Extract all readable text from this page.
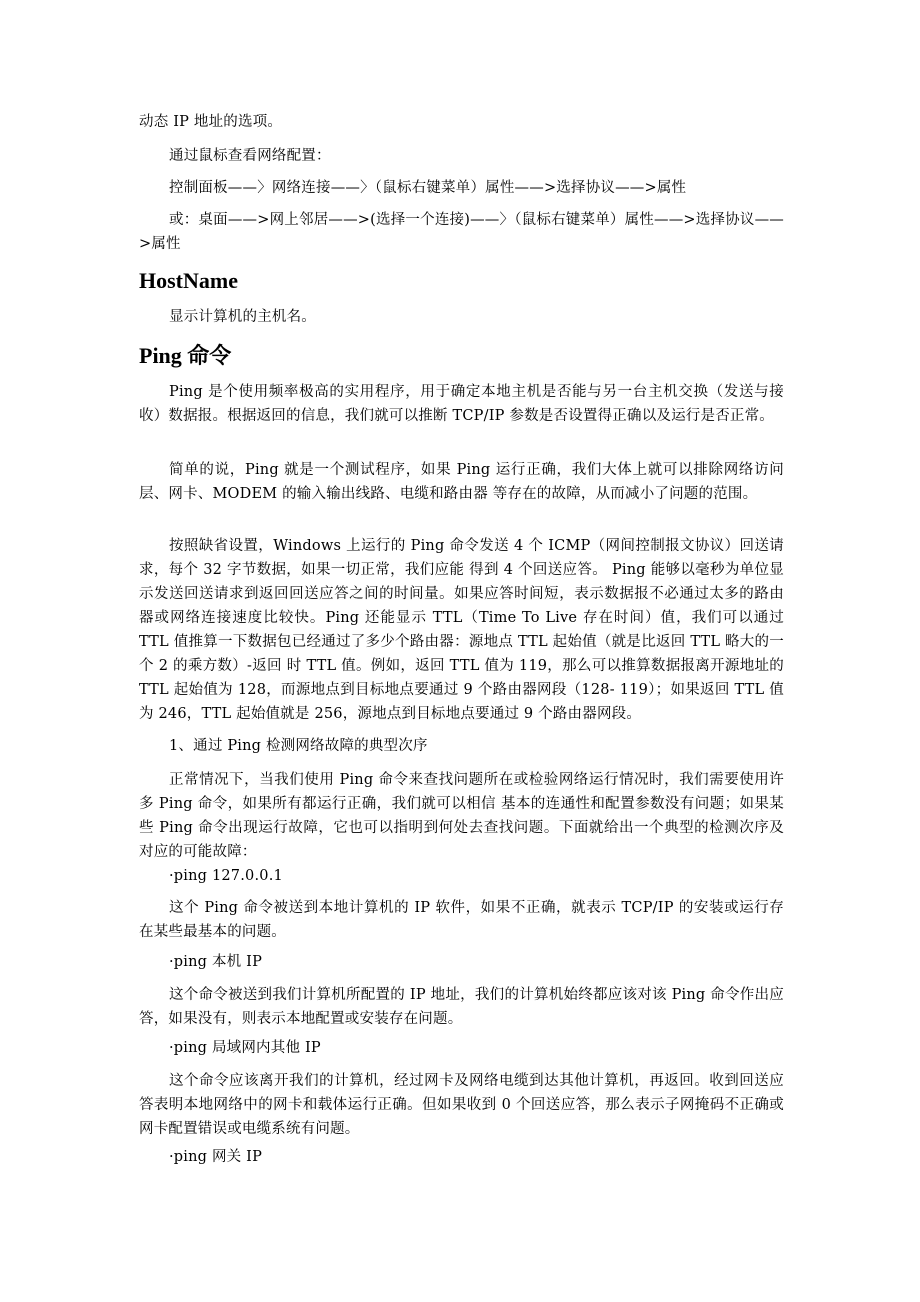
动态 IP 地址的选项。

通过鼠标查看网络配置：

控制面板——〉网络连接——〉（鼠标右键菜单）属性——>选择协议——>属性

或：桌面——>网上邻居——>(选择一个连接)——〉（鼠标右键菜单）属性——>选择协议——>属性

HostName

显示计算机的主机名。

Ping 命令

Ping 是个使用频率极高的实用程序，用于确定本地主机是否能与另一台主机交换（发送与接收）数据报。根据返回的信息，我们就可以推断 TCP/IP 参数是否设置得正确以及运行是否正常。

简单的说，Ping 就是一个测试程序，如果 Ping 运行正确，我们大体上就可以排除网络访问层、网卡、MODEM 的输入输出线路、电缆和路由器 等存在的故障，从而减小了问题的范围。

按照缺省设置，Windows 上运行的 Ping 命令发送 4 个 ICMP（网间控制报文协议）回送请求，每个 32 字节数据，如果一切正常，我们应能 得到 4 个回送应答。 Ping 能够以毫秒为单位显示发送回送请求到返回回送应答之间的时间量。如果应答时间短，表示数据报不必通过太多的路由器或网络连接速度比较快。Ping 还能显示 TTL（Time To Live 存在时间）值，我们可以通过 TTL 值推算一下数据包已经通过了多少个路由器：源地点 TTL 起始值（就是比返回 TTL 略大的一个 2 的乘方数）-返回 时 TTL 值。例如，返回 TTL 值为 119，那么可以推算数据报离开源地址的 TTL 起始值为 128，而源地点到目标地点要通过 9 个路由器网段（128- 119）；如果返回 TTL 值为 246，TTL 起始值就是 256，源地点到目标地点要通过 9 个路由器网段。

1、通过 Ping 检测网络故障的典型次序

正常情况下，当我们使用 Ping 命令来查找问题所在或检验网络运行情况时，我们需要使用许多 Ping 命令，如果所有都运行正确，我们就可以相信 基本的连通性和配置参数没有问题；如果某些 Ping 命令出现运行故障，它也可以指明到何处去查找问题。下面就给出一个典型的检测次序及对应的可能故障：

·ping 127.0.0.1

这个 Ping 命令被送到本地计算机的 IP 软件，如果不正确，就表示 TCP/IP 的安装或运行存在某些最基本的问题。

·ping 本机 IP

这个命令被送到我们计算机所配置的 IP 地址，我们的计算机始终都应该对该 Ping 命令作出应答，如果没有，则表示本地配置或安装存在问题。

·ping 局域网内其他 IP

这个命令应该离开我们的计算机，经过网卡及网络电缆到达其他计算机，再返回。收到回送应答表明本地网络中的网卡和载体运行正确。但如果收到 0 个回送应答，那么表示子网掩码不正确或网卡配置错误或电缆系统有问题。

·ping 网关 IP
